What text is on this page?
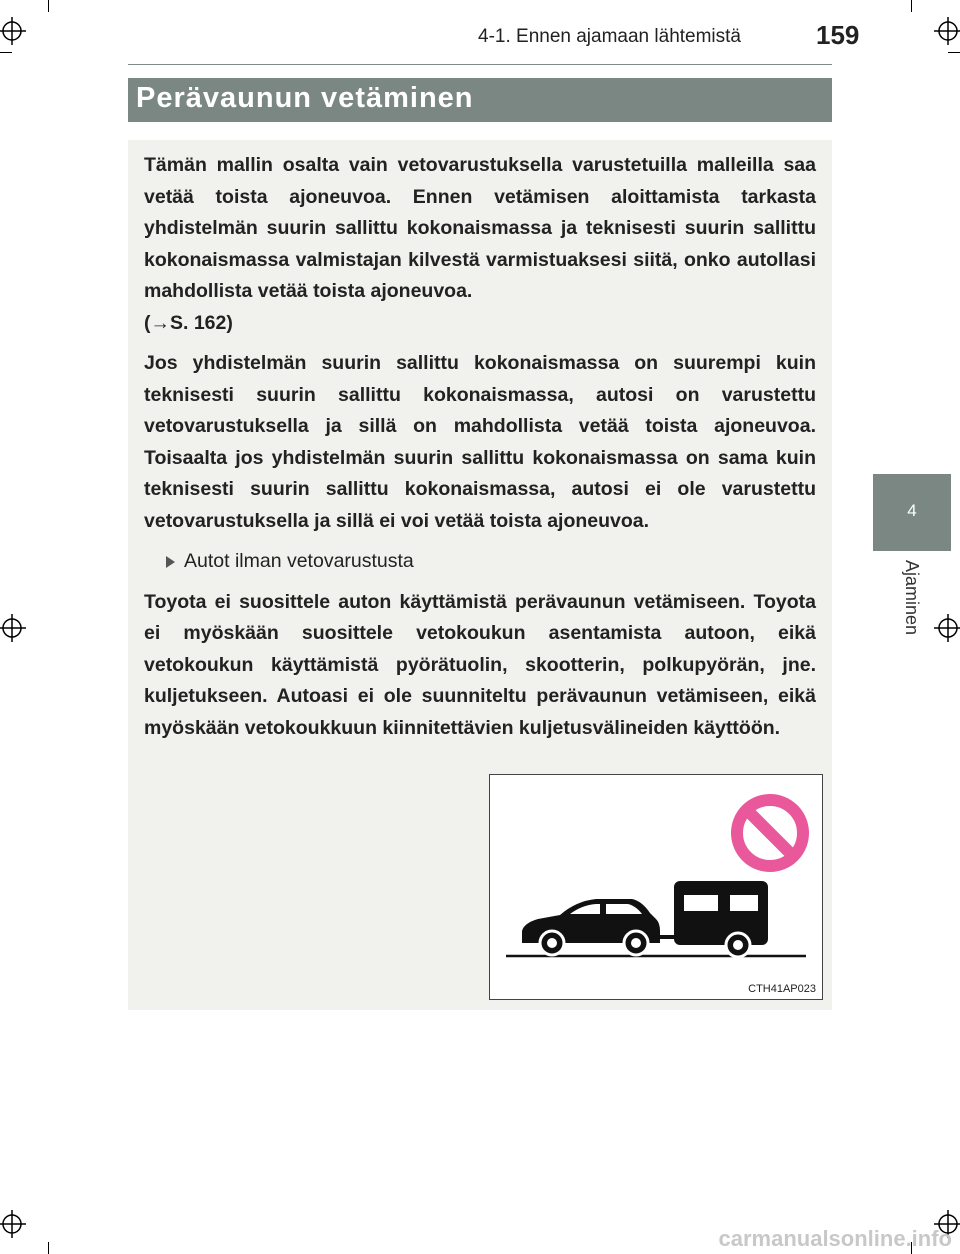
4-1. Ennen ajamaan lähtemistä	159
Perävaunun vetäminen

Tämän mallin osalta vain vetovarustuksella varustetuilla malleilla saa vetää toista ajoneuvoa. Ennen vetämisen aloittamista tarkasta yhdistelmän suurin sallittu kokonaismassa ja teknisesti suurin sallittu kokonaismassa valmistajan kilvestä varmistuaksesi siitä, onko autollasi mahdollista vetää toista ajoneuvoa.
(→S. 162)

Jos yhdistelmän suurin sallittu kokonaismassa on suurempi kuin teknisesti suurin sallittu kokonaismassa, autosi on varustettu vetovarustuksella ja sillä on mahdollista vetää toista ajoneuvoa. Toisaalta jos yhdistelmän suurin sallittu kokonaismassa on sama kuin teknisesti suurin sallittu kokonaismassa, autosi ei ole varustettu vetovarustuksella ja sillä ei voi vetää toista ajoneuvoa.

Autot ilman vetovarustusta

Toyota ei suosittele auton käyttämistä perävaunun vetämiseen. Toyota ei myöskään suosittele vetokoukun asentamista autoon, eikä vetokoukun käyttämistä pyörätuolin, skootterin, polkupyörän, jne. kuljetukseen. Autoasi ei ole suunniteltu perävaunun vetämiseen, eikä myöskään vetokoukkuun kiinnitettävien kuljetusvälineiden käyttöön.

CTH41AP023
4
Ajaminen
carmanualsonline.info
